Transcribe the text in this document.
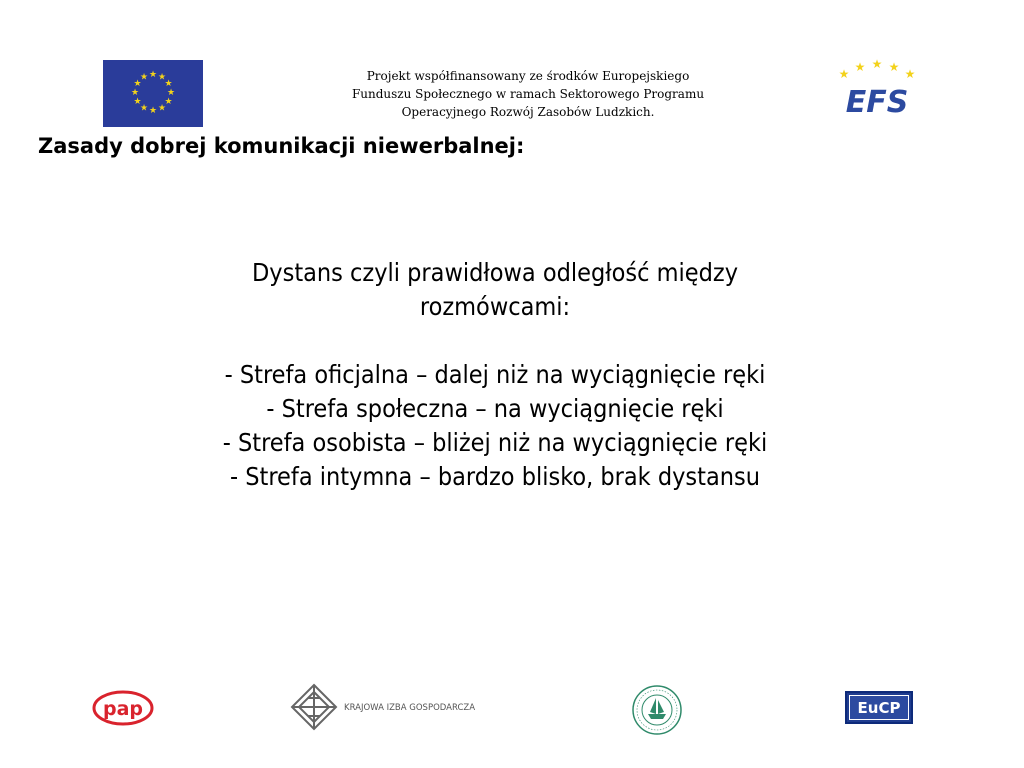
★ ★
★
★
★
★
★
★
★
★
★
★	Projekt współfinansowany ze środków Europejskiego
Funduszu Społecznego w ramach Sektorowego Programu
Operacyjnego Rozwój Zasobów Ludzkich.
★ ★ ★ ★ ★
EFS
Zasady dobrej komunikacji niewerbalnej:

Dystans czyli prawidłowa odległość między

rozmówcami:

- Strefa oficjalna – dalej niż na wyciągnięcie ręki

- Strefa społeczna – na wyciągnięcie ręki

- Strefa osobista – bliżej niż na wyciągnięcie ręki

- Strefa intymna – bardzo blisko, brak dystansu

pap	KRAJOWA IZBA GOSPODARCZA	EuCP
